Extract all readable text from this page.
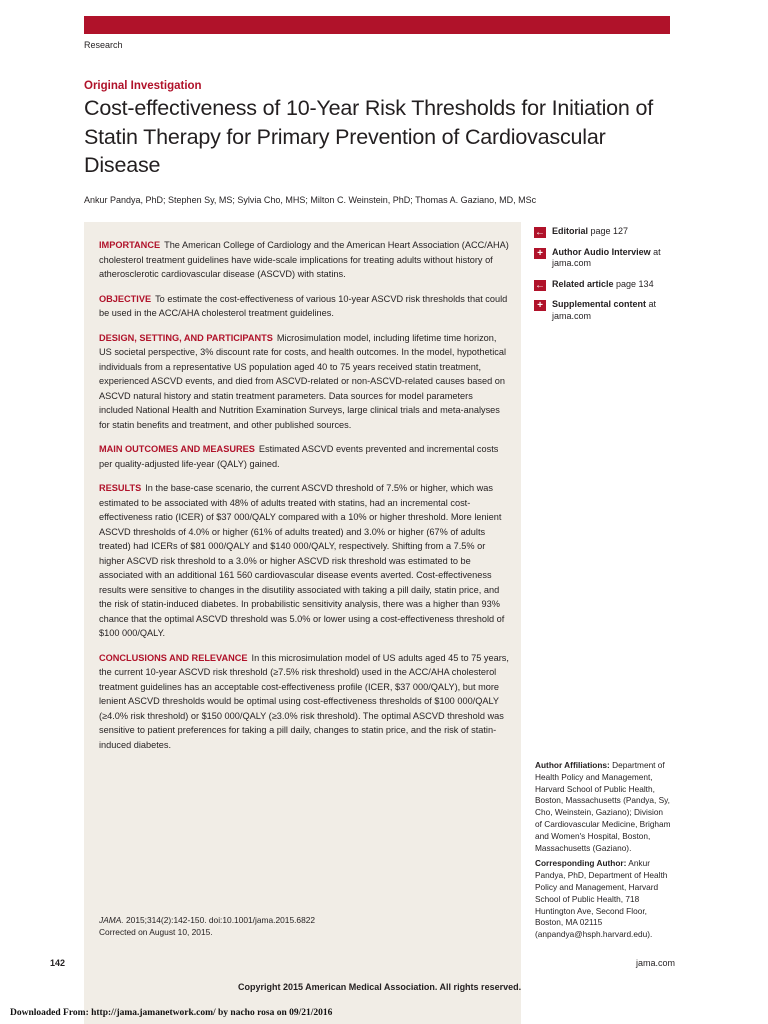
Research
Original Investigation
Cost-effectiveness of 10-Year Risk Thresholds for Initiation of Statin Therapy for Primary Prevention of Cardiovascular Disease
Ankur Pandya, PhD; Stephen Sy, MS; Sylvia Cho, MHS; Milton C. Weinstein, PhD; Thomas A. Gaziano, MD, MSc

IMPORTANCE The American College of Cardiology and the American Heart Association (ACC/AHA) cholesterol treatment guidelines have wide-scale implications for treating adults without history of atherosclerotic cardiovascular disease (ASCVD) with statins.

OBJECTIVE To estimate the cost-effectiveness of various 10-year ASCVD risk thresholds that could be used in the ACC/AHA cholesterol treatment guidelines.

DESIGN, SETTING, AND PARTICIPANTS Microsimulation model, including lifetime time horizon, US societal perspective, 3% discount rate for costs, and health outcomes. In the model, hypothetical individuals from a representative US population aged 40 to 75 years received statin treatment, experienced ASCVD events, and died from ASCVD-related or non-ASCVD-related causes based on ASCVD natural history and statin treatment parameters. Data sources for model parameters included National Health and Nutrition Examination Surveys, large clinical trials and meta-analyses for statin benefits and treatment, and other published sources.

MAIN OUTCOMES AND MEASURES Estimated ASCVD events prevented and incremental costs per quality-adjusted life-year (QALY) gained.

RESULTS In the base-case scenario, the current ASCVD threshold of 7.5% or higher, which was estimated to be associated with 48% of adults treated with statins, had an incremental cost-effectiveness ratio (ICER) of $37 000/QALY compared with a 10% or higher threshold. More lenient ASCVD thresholds of 4.0% or higher (61% of adults treated) and 3.0% or higher (67% of adults treated) had ICERs of $81 000/QALY and $140 000/QALY, respectively. Shifting from a 7.5% or higher ASCVD risk threshold to a 3.0% or higher ASCVD risk threshold was estimated to be associated with an additional 161 560 cardiovascular disease events averted. Cost-effectiveness results were sensitive to changes in the disutility associated with taking a pill daily, statin price, and the risk of statin-induced diabetes. In probabilistic sensitivity analysis, there was a higher than 93% chance that the optimal ASCVD threshold was 5.0% or lower using a cost-effectiveness threshold of $100 000/QALY.

CONCLUSIONS AND RELEVANCE In this microsimulation model of US adults aged 45 to 75 years, the current 10-year ASCVD risk threshold (≥7.5% risk threshold) used in the ACC/AHA cholesterol treatment guidelines has an acceptable cost-effectiveness profile (ICER, $37 000/QALY), but more lenient ASCVD thresholds would be optimal using cost-effectiveness thresholds of $100 000/QALY (≥4.0% risk threshold) or $150 000/QALY (≥3.0% risk threshold). The optimal ASCVD threshold was sensitive to patient preferences for taking a pill daily, changes to statin price, and the risk of statin-induced diabetes.

JAMA. 2015;314(2):142-150. doi:10.1001/jama.2015.6822
Corrected on August 10, 2015.
← Editorial page 127
+	Author Audio Interview at jama.com
← Related article page 134
+	Supplemental content at jama.com

Author Affiliations: Department of Health Policy and Management, Harvard School of Public Health, Boston, Massachusetts (Pandya, Sy, Cho, Weinstein, Gaziano); Division of Cardiovascular Medicine, Brigham and Women's Hospital, Boston, Massachusetts (Gaziano).

Corresponding Author: Ankur Pandya, PhD, Department of Health Policy and Management, Harvard School of Public Health, 718 Huntington Ave, Second Floor, Boston, MA 02115 (anpandya@hsph.harvard.edu).

142	jama.com
Copyright 2015 American Medical Association. All rights reserved.
Downloaded From: http://jama.jamanetwork.com/ by nacho rosa on 09/21/2016
